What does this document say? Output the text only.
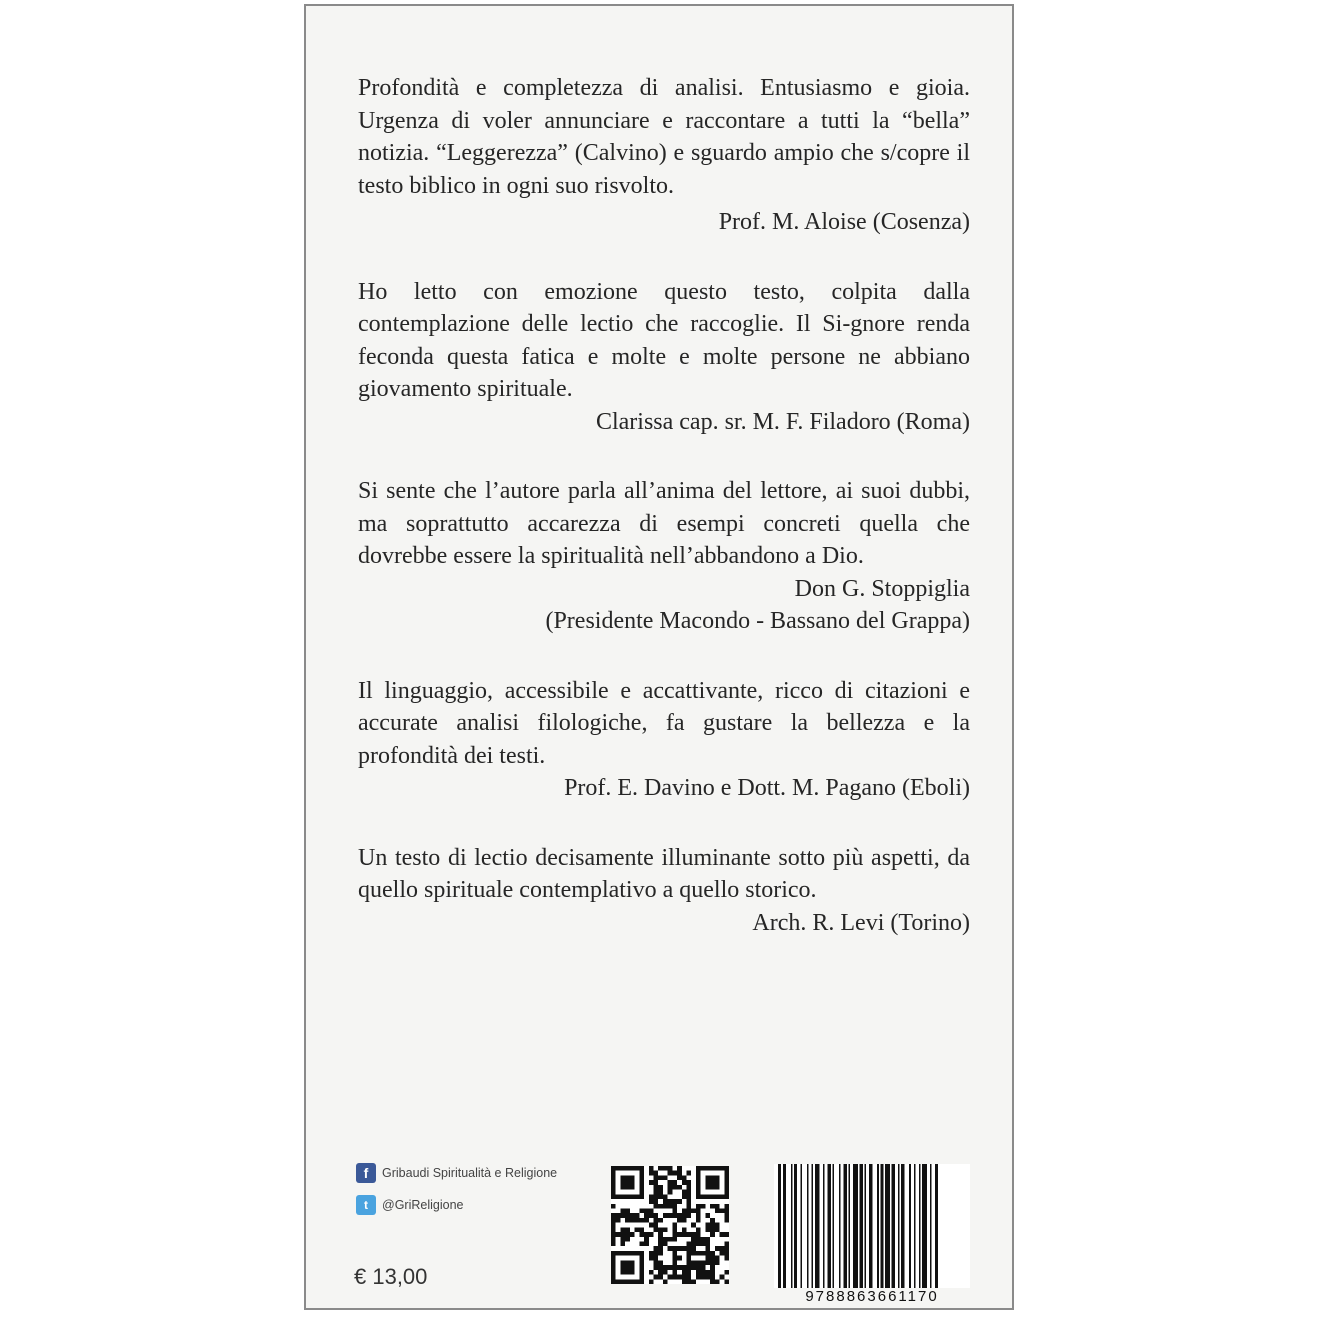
Profondità e completezza di analisi. Entusiasmo e gioia. Urgenza di voler annunciare e raccontare a tutti la “bella” notizia. “Leggerezza” (Calvino) e sguardo ampio che s/copre il testo biblico in ogni suo risvolto.

Prof. M. Aloise (Cosenza)

Ho letto con emozione questo testo, colpita dalla contemplazione delle lectio che raccoglie. Il Si-gnore renda feconda questa fatica e molte e molte persone ne abbiano giovamento spirituale.

Clarissa cap. sr. M. F. Filadoro (Roma)

Si sente che l’autore parla all’anima del lettore, ai suoi dubbi, ma soprattutto accarezza di esempi concreti quella che dovrebbe essere la spiritualità nell’abbandono a Dio.

Don G. Stoppiglia

(Presidente Macondo - Bassano del Grappa)

Il linguaggio, accessibile e accattivante, ricco di citazioni e accurate analisi filologiche, fa gustare la bellezza e la profondità dei testi.

Prof. E. Davino e Dott. M. Pagano (Eboli)

Un testo di lectio decisamente illuminante sotto più aspetti, da quello spirituale contemplativo a quello storico.

Arch. R. Levi (Torino)

f	Gribaudi Spiritualità e Religione
t	@GriReligione
€ 13,00
9788863661170
